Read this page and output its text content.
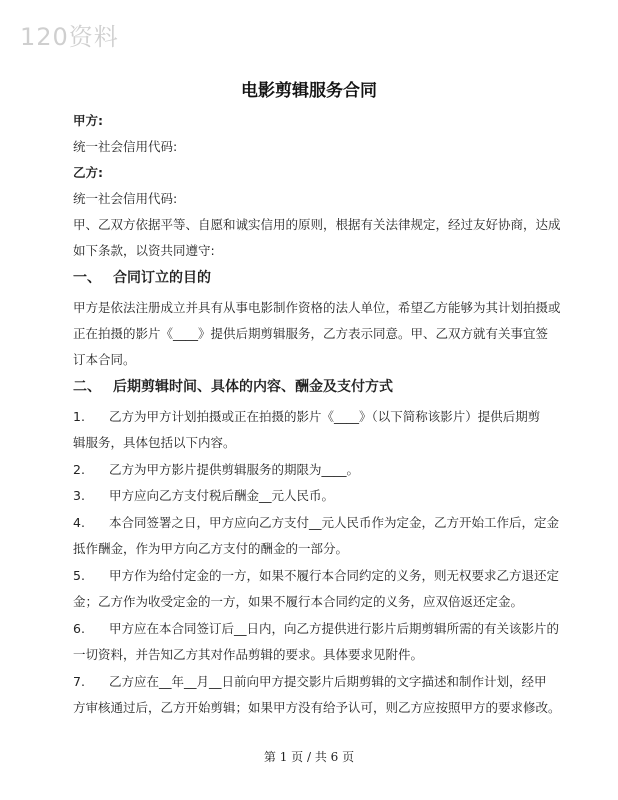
120资料
电影剪辑服务合同
甲方:
统一社会信用代码:
乙方:
统一社会信用代码:
甲、乙双方依据平等、自愿和诚实信用的原则，根据有关法律规定，经过友好协商，达成
如下条款，以资共同遵守:
一、 合同订立的目的
甲方是依法注册成立并具有从事电影制作资格的法人单位，希望乙方能够为其计划拍摄或
正在拍摄的影片《____》提供后期剪辑服务，乙方表示同意。甲、乙双方就有关事宜签
订本合同。
二、 后期剪辑时间、具体的内容、酬金及支付方式
1. 乙方为甲方计划拍摄或正在拍摄的影片《____》（以下简称该影片）提供后期剪
辑服务，具体包括以下内容。
2. 乙方为甲方影片提供剪辑服务的期限为____。
3. 甲方应向乙方支付税后酬金__元人民币。
4. 本合同签署之日，甲方应向乙方支付__元人民币作为定金，乙方开始工作后，定金
抵作酬金，作为甲方向乙方支付的酬金的一部分。
5. 甲方作为给付定金的一方，如果不履行本合同约定的义务，则无权要求乙方退还定
金；乙方作为收受定金的一方，如果不履行本合同约定的义务，应双倍返还定金。
6. 甲方应在本合同签订后__日内，向乙方提供进行影片后期剪辑所需的有关该影片的
一切资料，并告知乙方其对作品剪辑的要求。具体要求见附件。
7. 乙方应在__年__月__日前向甲方提交影片后期剪辑的文字描述和制作计划，经甲
方审核通过后，乙方开始剪辑；如果甲方没有给予认可，则乙方应按照甲方的要求修改。
第 1 页 / 共 6 页
